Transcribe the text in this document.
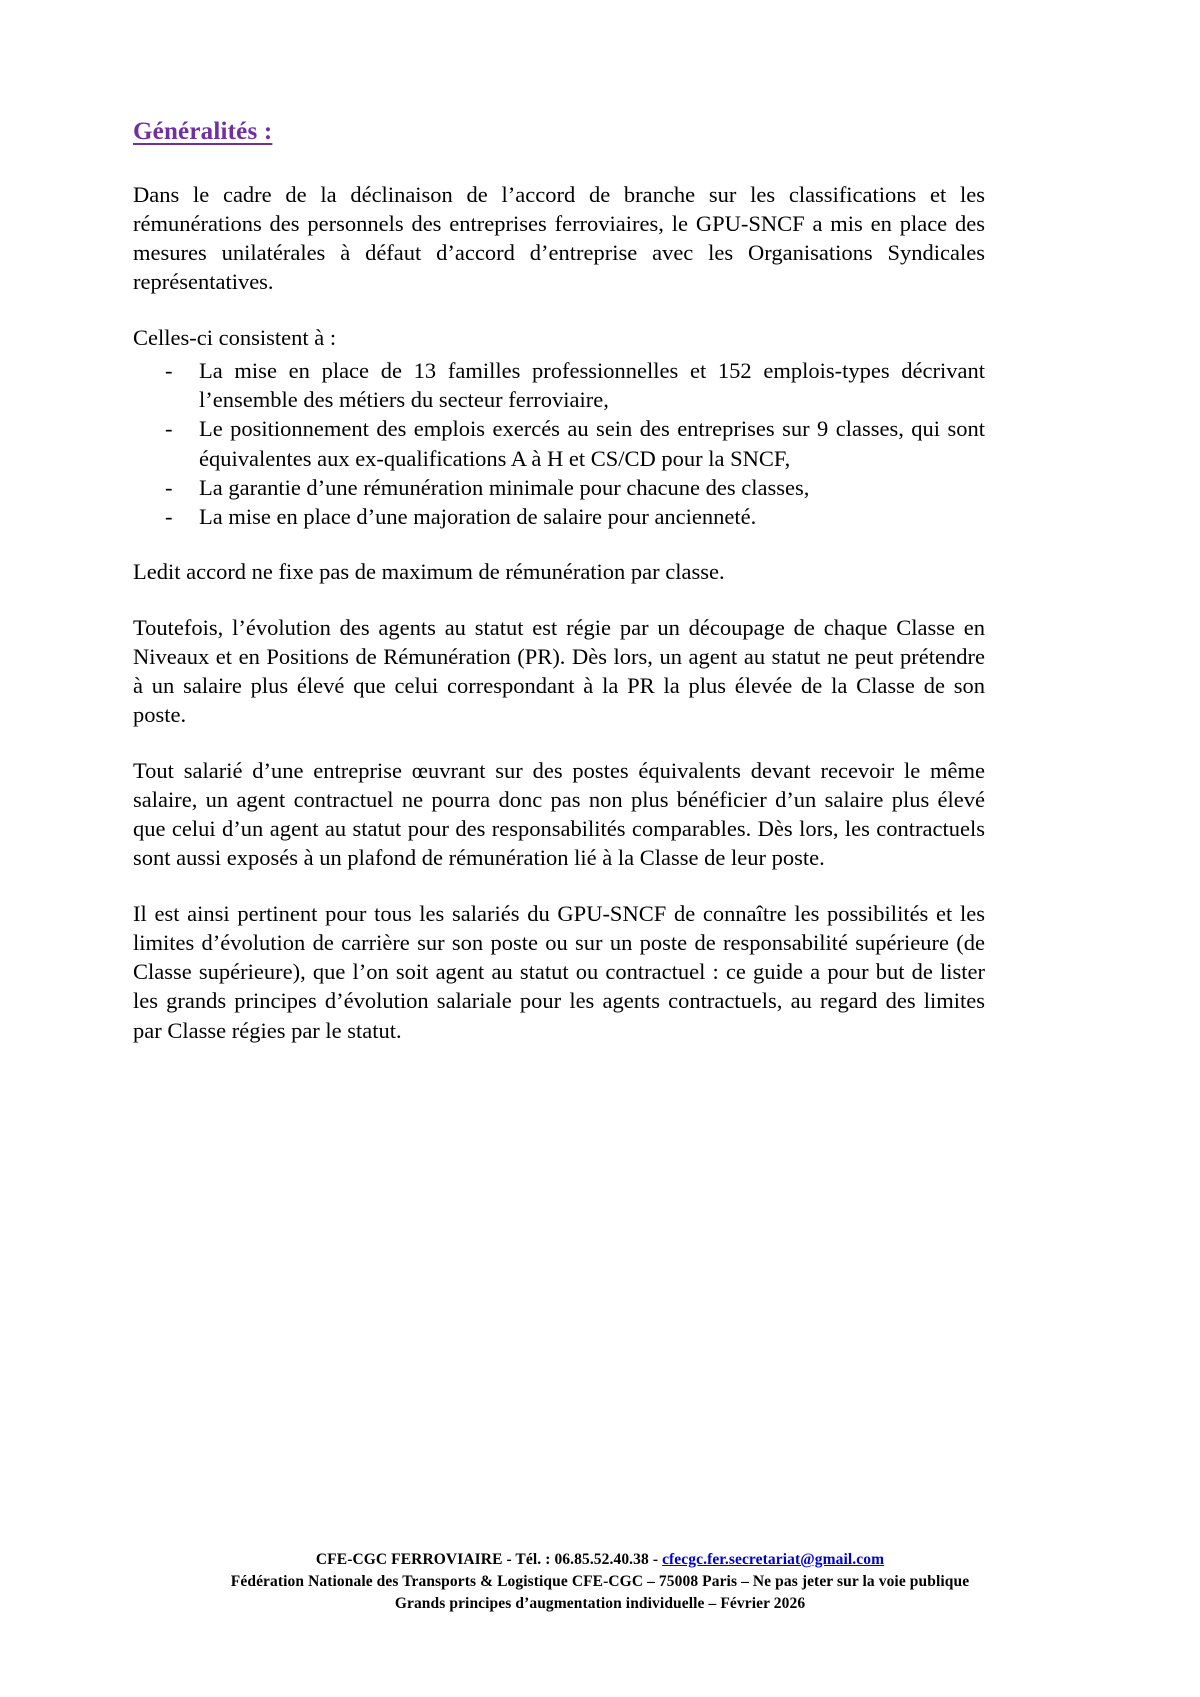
Généralités :

Dans le cadre de la déclinaison de l’accord de branche sur les classifications et les rémunérations des personnels des entreprises ferroviaires, le GPU-SNCF a mis en place des mesures unilatérales à défaut d’accord d’entreprise avec les Organisations Syndicales représentatives.

Celles-ci consistent à :

- La mise en place de 13 familles professionnelles et 152 emplois-types décrivant l’ensemble des métiers du secteur ferroviaire,
- Le positionnement des emplois exercés au sein des entreprises sur 9 classes, qui sont équivalentes aux ex-qualifications A à H et CS/CD pour la SNCF,
- La garantie d’une rémunération minimale pour chacune des classes,
- La mise en place d’une majoration de salaire pour ancienneté.

Ledit accord ne fixe pas de maximum de rémunération par classe.

Toutefois, l’évolution des agents au statut est régie par un découpage de chaque Classe en Niveaux et en Positions de Rémunération (PR). Dès lors, un agent au statut ne peut prétendre à un salaire plus élevé que celui correspondant à la PR la plus élevée de la Classe de son poste.

Tout salarié d’une entreprise œuvrant sur des postes équivalents devant recevoir le même salaire, un agent contractuel ne pourra donc pas non plus bénéficier d’un salaire plus élevé que celui d’un agent au statut pour des responsabilités comparables. Dès lors, les contractuels sont aussi exposés à un plafond de rémunération lié à la Classe de leur poste.

Il est ainsi pertinent pour tous les salariés du GPU-SNCF de connaître les possibilités et les limites d’évolution de carrière sur son poste ou sur un poste de responsabilité supérieure (de Classe supérieure), que l’on soit agent au statut ou contractuel : ce guide a pour but de lister les grands principes d’évolution salariale pour les agents contractuels, au regard des limites par Classe régies par le statut.

CFE-CGC FERROVIAIRE - Tél. : 06.85.52.40.38 - cfecgc.fer.secretariat@gmail.com
Fédération Nationale des Transports & Logistique CFE-CGC – 75008 Paris – Ne pas jeter sur la voie publique
Grands principes d’augmentation individuelle – Février 2026
